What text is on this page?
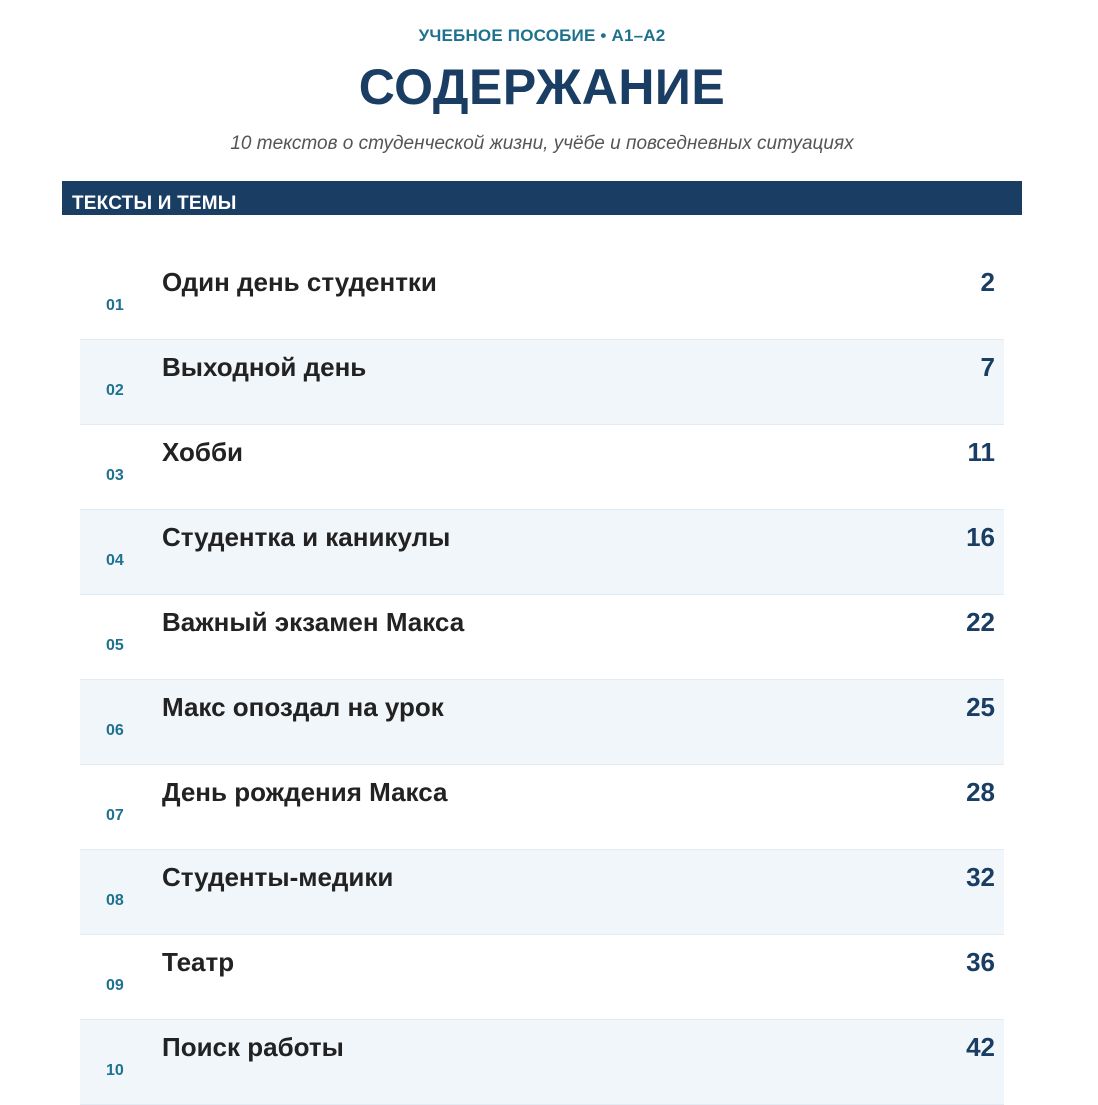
УЧЕБНОЕ ПОСОБИЕ • А1–А2
СОДЕРЖАНИЕ
10 текстов о студенческой жизни, учёбе и повседневных ситуациях
ТЕКСТЫ И ТЕМЫ
01
Один день студентки	2
02
Выходной день	7
03
Хобби	11
04
Студентка и каникулы	16
05
Важный экзамен Макса	22
06
Макс опоздал на урок	25
07
День рождения Макса	28
08
Студенты-медики	32
09
Театр	36
10
Поиск работы	42
